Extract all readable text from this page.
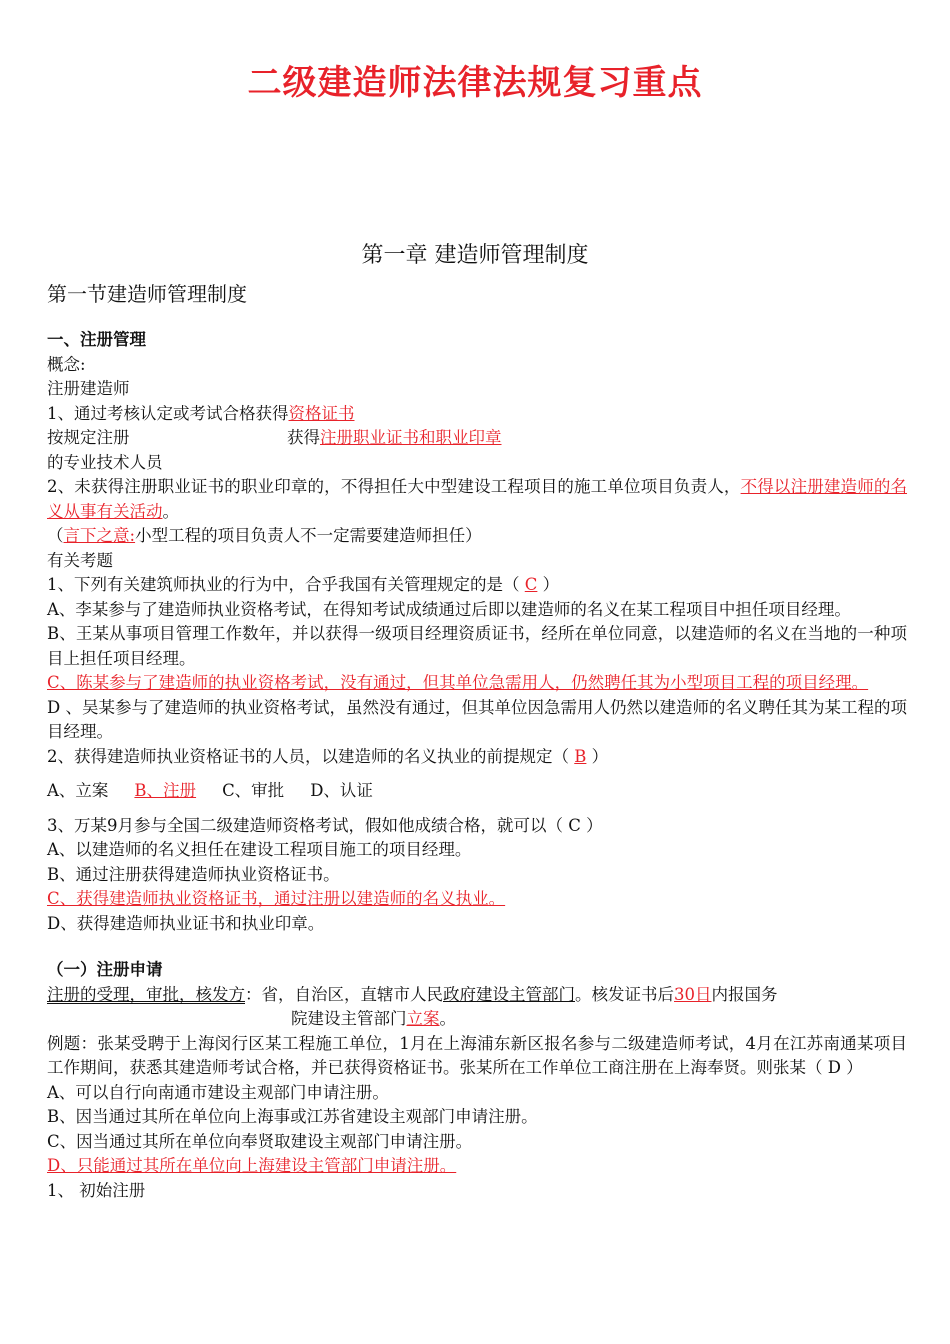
二级建造师法律法规复习重点
第一章 建造师管理制度
第一节建造师管理制度

一、注册管理

概念:

注册建造师

1、通过考核认定或考试合格获得资格证书

按规定注册	获得注册职业证书和职业印章

的专业技术人员

2、未获得注册职业证书的职业印章的，不得担任大中型建设工程项目的施工单位项目负责人，不得以注册建造师的名义从事有关活动。

（言下之意:小型工程的项目负责人不一定需要建造师担任）

有关考题

1、下列有关建筑师执业的行为中，合乎我国有关管理规定的是（ C ）

A、李某参与了建造师执业资格考试，在得知考试成绩通过后即以建造师的名义在某工程项目中担任项目经理。

B、王某从事项目管理工作数年，并以获得一级项目经理资质证书，经所在单位同意，以建造师的名义在当地的一种项目上担任项目经理。

C、陈某参与了建造师的执业资格考试，没有通过，但其单位急需用人，仍然聘任其为小型项目工程的项目经理。

D 、吴某参与了建造师的执业资格考试，虽然没有通过，但其单位因急需用人仍然以建造师的名义聘任其为某工程的项目经理。

2、获得建造师执业资格证书的人员，以建造师的名义执业的前提规定（ B ）

A、立案 B、注册 C、审批 D、认证

3、万某9月参与全国二级建造师资格考试，假如他成绩合格，就可以（ C ）

A、以建造师的名义担任在建设工程项目施工的项目经理。

B、通过注册获得建造师执业资格证书。

C、获得建造师执业资格证书，通过注册以建造师的名义执业。

D、获得建造师执业证书和执业印章。

（一）注册申请

注册的受理，审批，核发方：省，自治区，直辖市人民政府建设主管部门。核发证书后30日内报国务

院建设主管部门立案。

例题：张某受聘于上海闵行区某工程施工单位，1月在上海浦东新区报名参与二级建造师考试，4月在江苏南通某项目工作期间，获悉其建造师考试合格，并已获得资格证书。张某所在工作单位工商注册在上海奉贤。则张某（ D ）

A、可以自行向南通市建设主观部门申请注册。

B、因当通过其所在单位向上海事或江苏省建设主观部门申请注册。

C、因当通过其所在单位向奉贤取建设主观部门申请注册。

D、只能通过其所在单位向上海建设主管部门申请注册。

1、 初始注册
